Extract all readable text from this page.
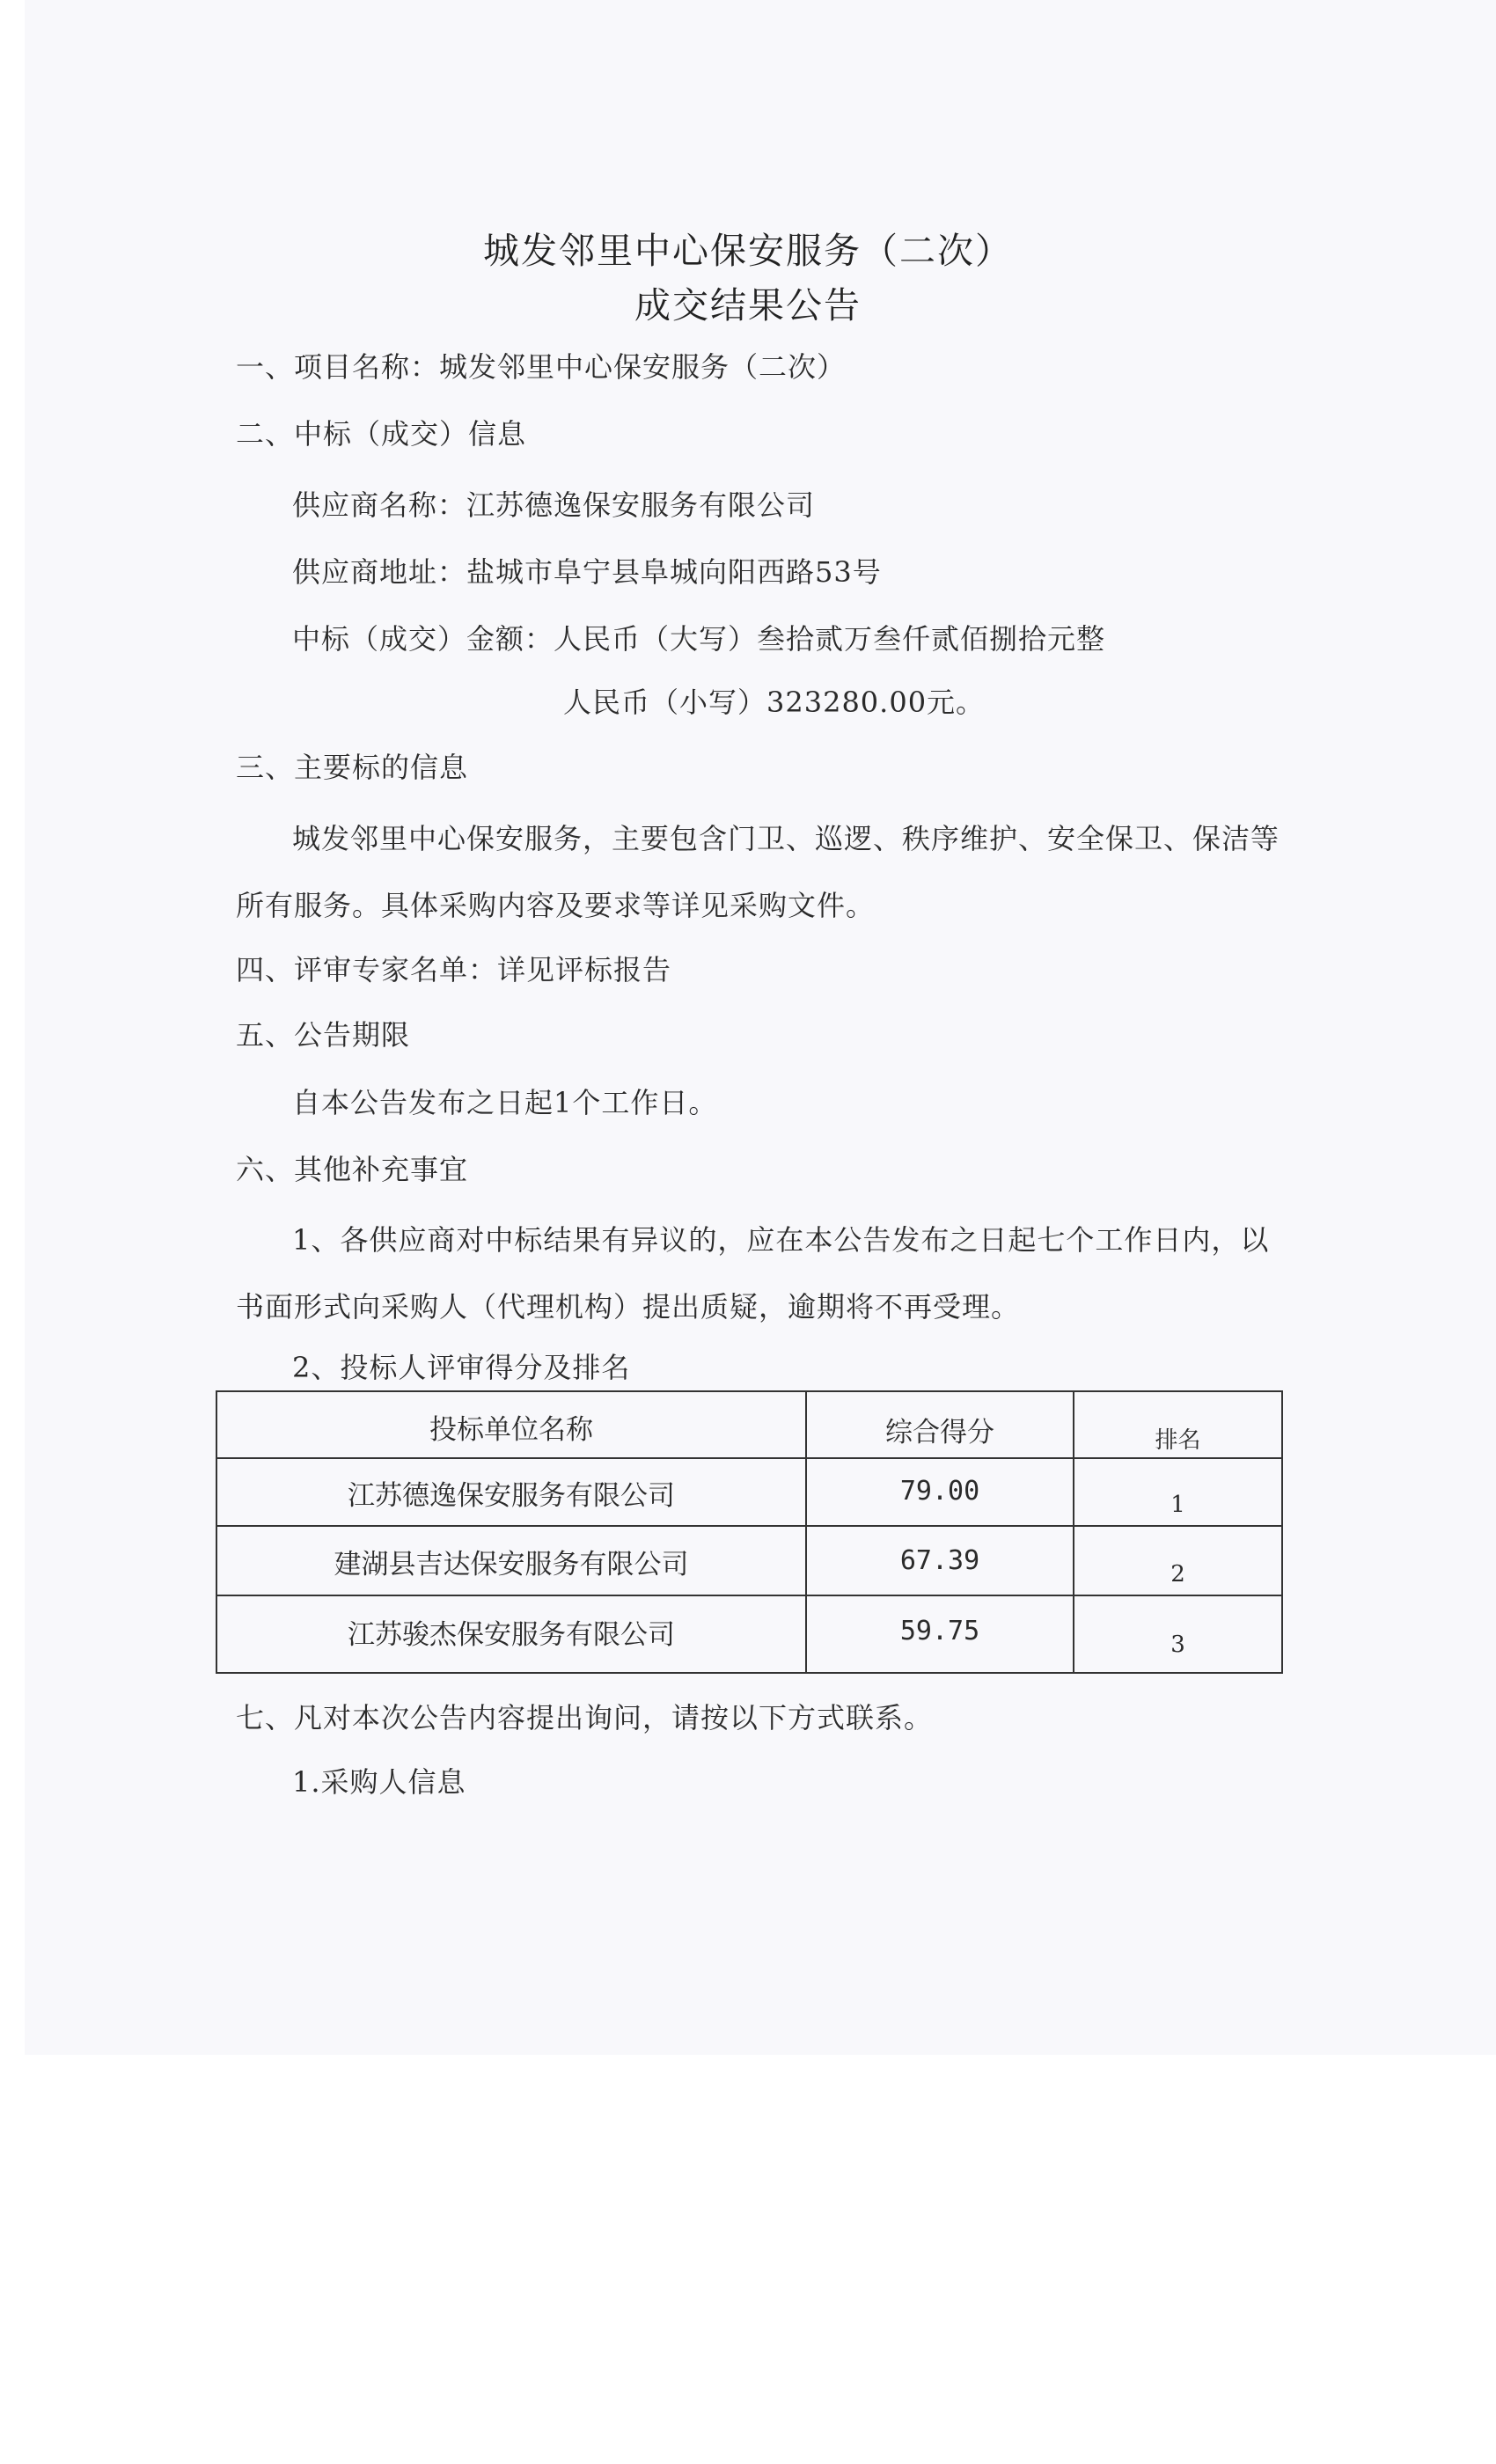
城发邻里中心保安服务（二次）
成交结果公告
一、项目名称：城发邻里中心保安服务（二次）
二、中标（成交）信息
供应商名称：江苏德逸保安服务有限公司
供应商地址：盐城市阜宁县阜城向阳西路53号
中标（成交）金额：人民币（大写）叁拾贰万叁仟贰佰捌拾元整
人民币（小写）323280.00元。
三、主要标的信息
城发邻里中心保安服务，主要包含门卫、巡逻、秩序维护、安全保卫、保洁等
所有服务。具体采购内容及要求等详见采购文件。
四、评审专家名单：详见评标报告
五、公告期限
自本公告发布之日起1个工作日。
六、其他补充事宜
1、各供应商对中标结果有异议的，应在本公告发布之日起七个工作日内，以
书面形式向采购人（代理机构）提出质疑，逾期将不再受理。
2、投标人评审得分及排名
投标单位名称	综合得分	排名
江苏德逸保安服务有限公司	79.00	1
建湖县吉达保安服务有限公司	67.39	2
江苏骏杰保安服务有限公司	59.75	3
七、凡对本次公告内容提出询问，请按以下方式联系。
1.采购人信息
